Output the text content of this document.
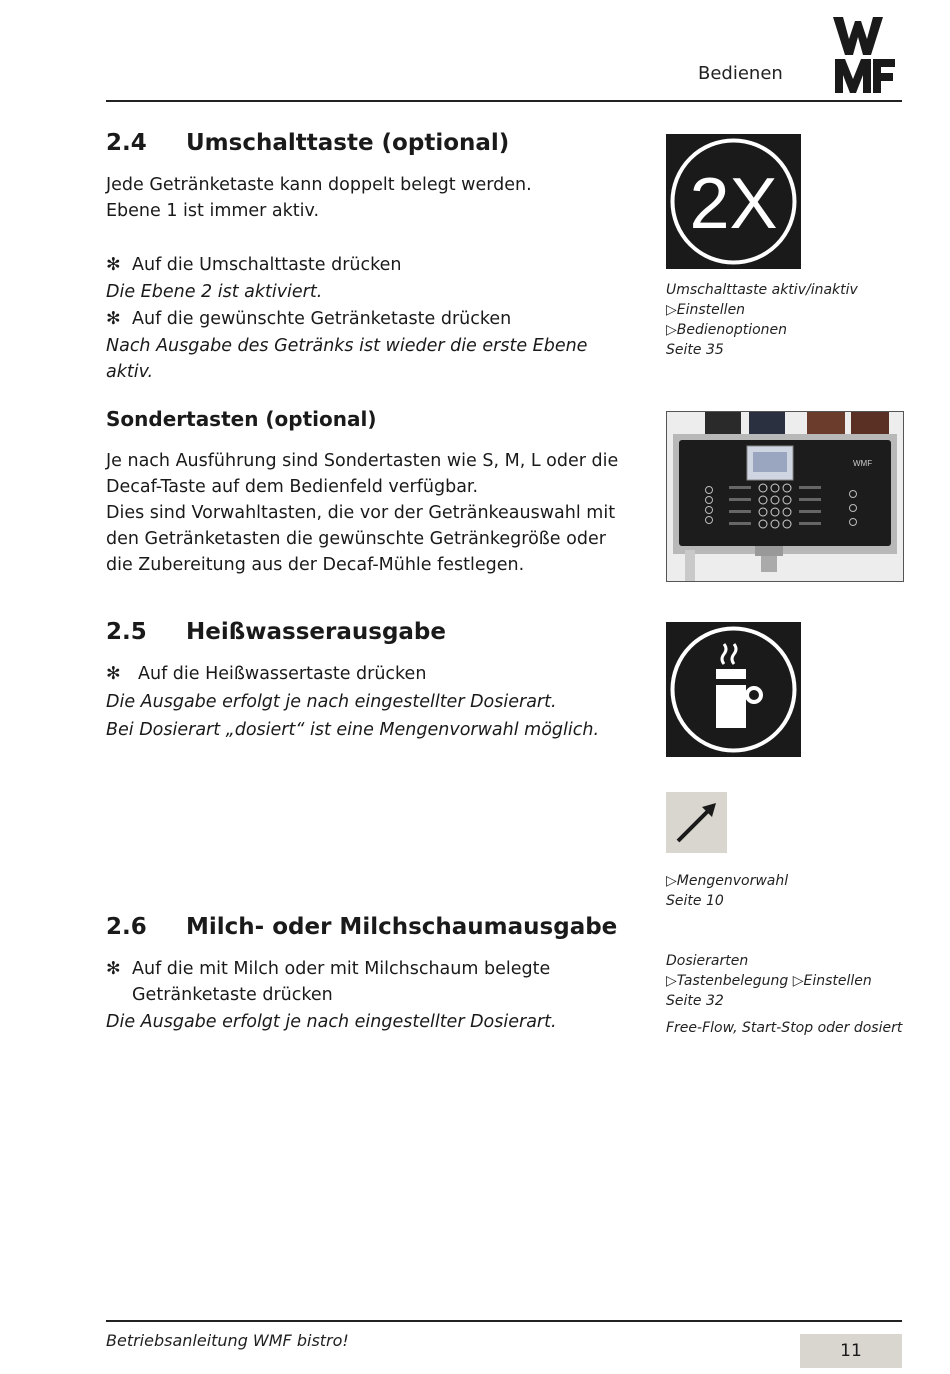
Bedienen
2.4 Umschalttaste (optional)
Jede Getränketaste kann doppelt belegt werden.
Ebene 1 ist immer aktiv.
✻ Auf die Umschalttaste drücken
Die Ebene 2 ist aktiviert.
✻ Auf die gewünschte Getränketaste drücken
Nach Ausgabe des Getränks ist wieder die erste Ebene
aktiv.
Sondertasten (optional)
Je nach Ausführung sind Sondertasten wie S, M, L oder die
Decaf-Taste auf dem Bedienfeld verfügbar.
Dies sind Vorwahltasten, die vor der Getränkeauswahl mit
den Getränketasten die gewünschte Getränkegröße oder
die Zubereitung aus der Decaf-Mühle festlegen.
2.5 Heißwasserausgabe
✻ Auf die Heißwassertaste drücken
Die Ausgabe erfolgt je nach eingestellter Dosierart.
Bei Dosierart „dosiert“ ist eine Mengenvorwahl möglich.
2.6 Milch- oder Milchschaumausgabe
✻ Auf die mit Milch oder mit Milchschaum belegte
Getränketaste drücken
Die Ausgabe erfolgt je nach eingestellter Dosierart.
2X
Umschalttaste aktiv/inaktiv
▷Einstellen
▷Bedienoptionen
Seite 35
WMF
▷Mengenvorwahl
Seite 10
Dosierarten
▷Tastenbelegung ▷Einstellen
Seite 32
Free-Flow, Start-Stop oder dosiert
Betriebsanleitung WMF bistro!
11
